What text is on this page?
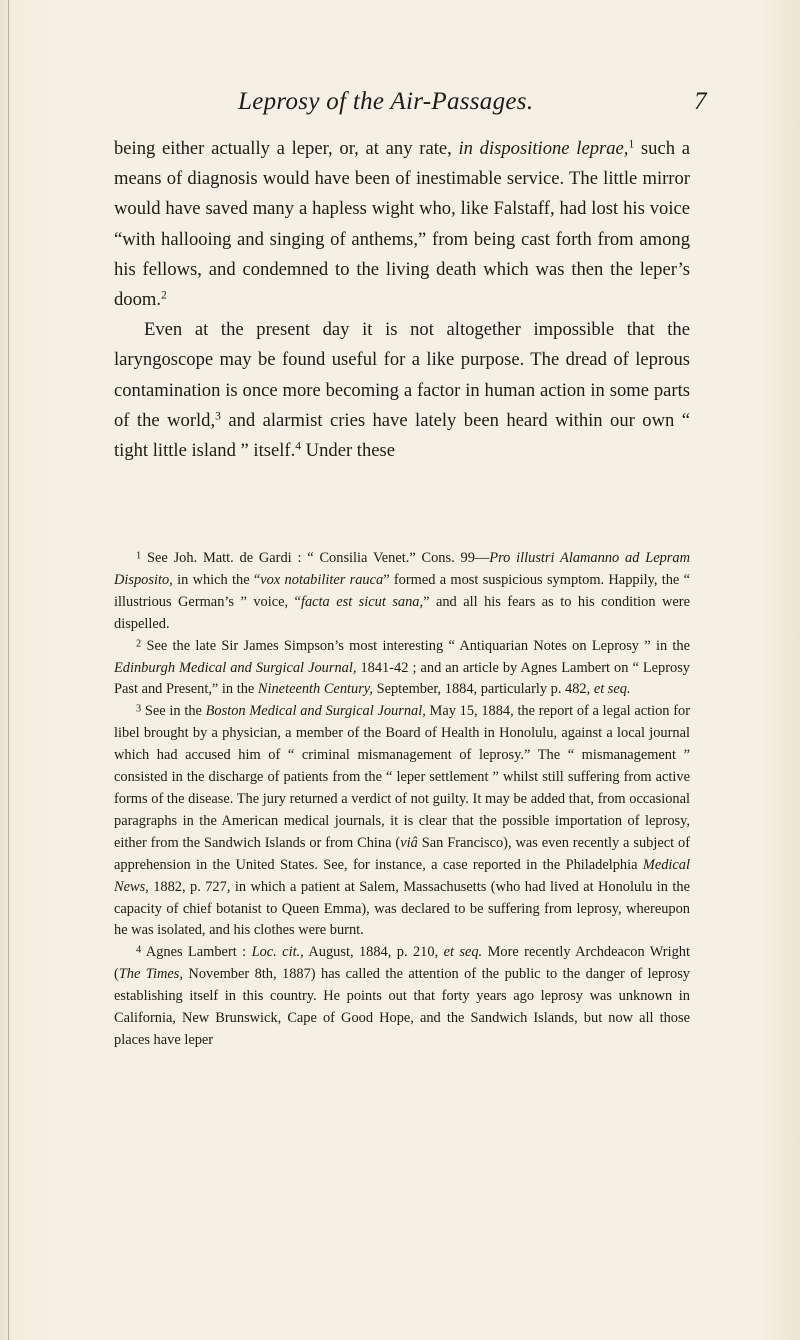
Leprosy of the Air-Passages.	7

being either actually a leper, or, at any rate, in dispositione leprae,$^1$ such a means of diagnosis would have been of inestimable service. The little mirror would have saved many a hapless wight who, like Falstaff, had lost his voice “with hallooing and singing of anthems,” from being cast forth from among his fellows, and condemned to the living death which was then the leper’s doom.$^2$

Even at the present day it is not altogether impossible that the laryngoscope may be found useful for a like purpose. The dread of leprous contamination is once more becoming a factor in human action in some parts of the world,$^3$ and alarmist cries have lately been heard within our own “ tight little island ” itself.$^4$ Under these

$^1$ See Joh. Matt. de Gardi : “ Consilia Venet.” Cons. 99—Pro illustri Alamanno ad Lepram Disposito, in which the “vox notabiliter rauca” formed a most suspicious symptom. Happily, the “ illustrious German’s ” voice, “facta est sicut sana,” and all his fears as to his condition were dispelled.

$^2$ See the late Sir James Simpson’s most interesting “ Antiquarian Notes on Leprosy ” in the Edinburgh Medical and Surgical Journal, 1841-42 ; and an article by Agnes Lambert on “ Leprosy Past and Present,” in the Nineteenth Century, September, 1884, particularly p. 482, et seq.

$^3$ See in the Boston Medical and Surgical Journal, May 15, 1884, the report of a legal action for libel brought by a physician, a member of the Board of Health in Honolulu, against a local journal which had accused him of “ criminal mismanagement of leprosy.” The “ mismanagement ” consisted in the discharge of patients from the “ leper settlement ” whilst still suffering from active forms of the disease. The jury returned a verdict of not guilty. It may be added that, from occasional paragraphs in the American medical journals, it is clear that the possible importation of leprosy, either from the Sandwich Islands or from China (viâ San Francisco), was even recently a subject of apprehension in the United States. See, for instance, a case reported in the Philadelphia Medical News, 1882, p. 727, in which a patient at Salem, Massachusetts (who had lived at Honolulu in the capacity of chief botanist to Queen Emma), was declared to be suffering from leprosy, whereupon he was isolated, and his clothes were burnt.

$^4$ Agnes Lambert : Loc. cit., August, 1884, p. 210, et seq. More recently Archdeacon Wright (The Times, November 8th, 1887) has called the attention of the public to the danger of leprosy establishing itself in this country. He points out that forty years ago leprosy was unknown in California, New Brunswick, Cape of Good Hope, and the Sandwich Islands, but now all those places have leper
